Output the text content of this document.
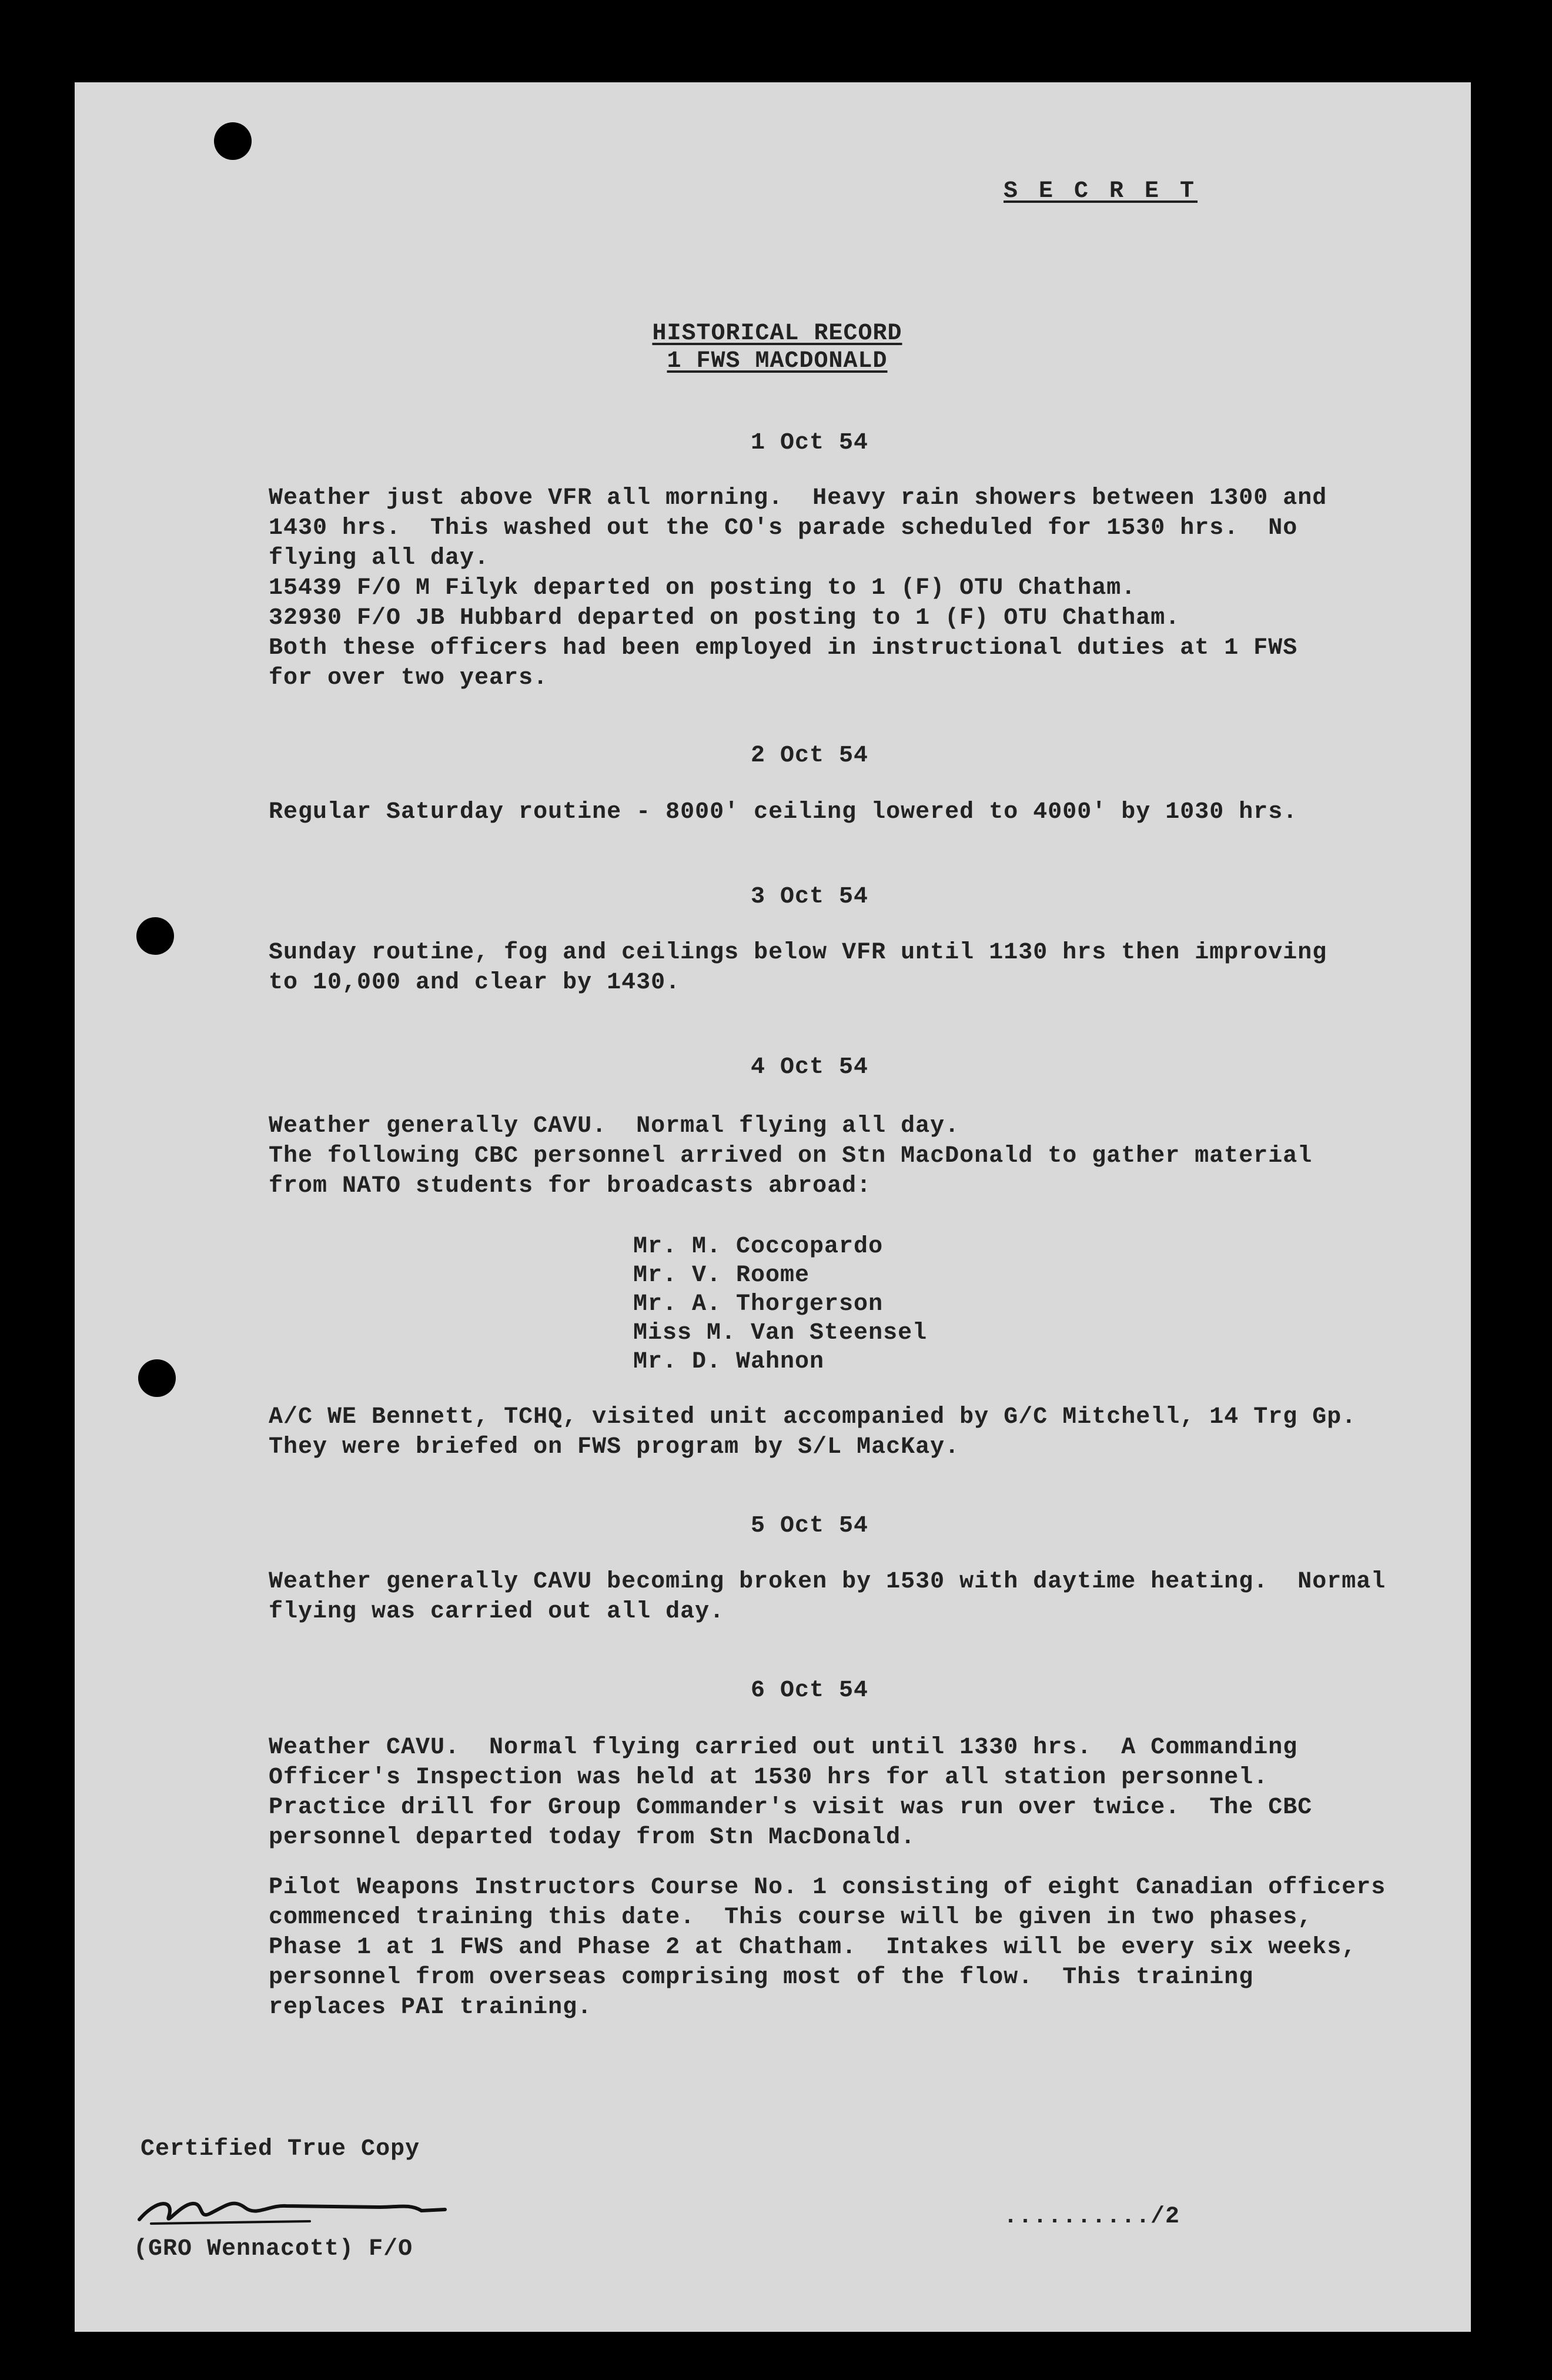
S E C R E T

HISTORICAL RECORD

1 FWS MACDONALD

1 Oct 54

Weather just above VFR all morning.  Heavy rain showers between 1300 and

1430 hrs.  This washed out the CO's parade scheduled for 1530 hrs.  No

flying all day.

15439 F/O M Filyk departed on posting to 1 (F) OTU Chatham.

32930 F/O JB Hubbard departed on posting to 1 (F) OTU Chatham.

Both these officers had been employed in instructional duties at 1 FWS

for over two years.

2 Oct 54

Regular Saturday routine - 8000' ceiling lowered to 4000' by 1030 hrs.

3 Oct 54

Sunday routine, fog and ceilings below VFR until 1130 hrs then improving

to 10,000 and clear by 1430.

4 Oct 54

Weather generally CAVU.  Normal flying all day.

The following CBC personnel arrived on Stn MacDonald to gather material

from NATO students for broadcasts abroad:

Mr. M. Coccopardo

Mr. V. Roome

Mr. A. Thorgerson

Miss M. Van Steensel

Mr. D. Wahnon

A/C WE Bennett, TCHQ, visited unit accompanied by G/C Mitchell, 14 Trg Gp.

They were briefed on FWS program by S/L MacKay.

5 Oct 54

Weather generally CAVU becoming broken by 1530 with daytime heating.  Normal

flying was carried out all day.

6 Oct 54

Weather CAVU.  Normal flying carried out until 1330 hrs.  A Commanding

Officer's Inspection was held at 1530 hrs for all station personnel.

Practice drill for Group Commander's visit was run over twice.  The CBC

personnel departed today from Stn MacDonald.

Pilot Weapons Instructors Course No. 1 consisting of eight Canadian officers

commenced training this date.  This course will be given in two phases,

Phase 1 at 1 FWS and Phase 2 at Chatham.  Intakes will be every six weeks,

personnel from overseas comprising most of the flow.  This training

replaces PAI training.

Certified True Copy

(GRO Wennacott) F/O

........../2
